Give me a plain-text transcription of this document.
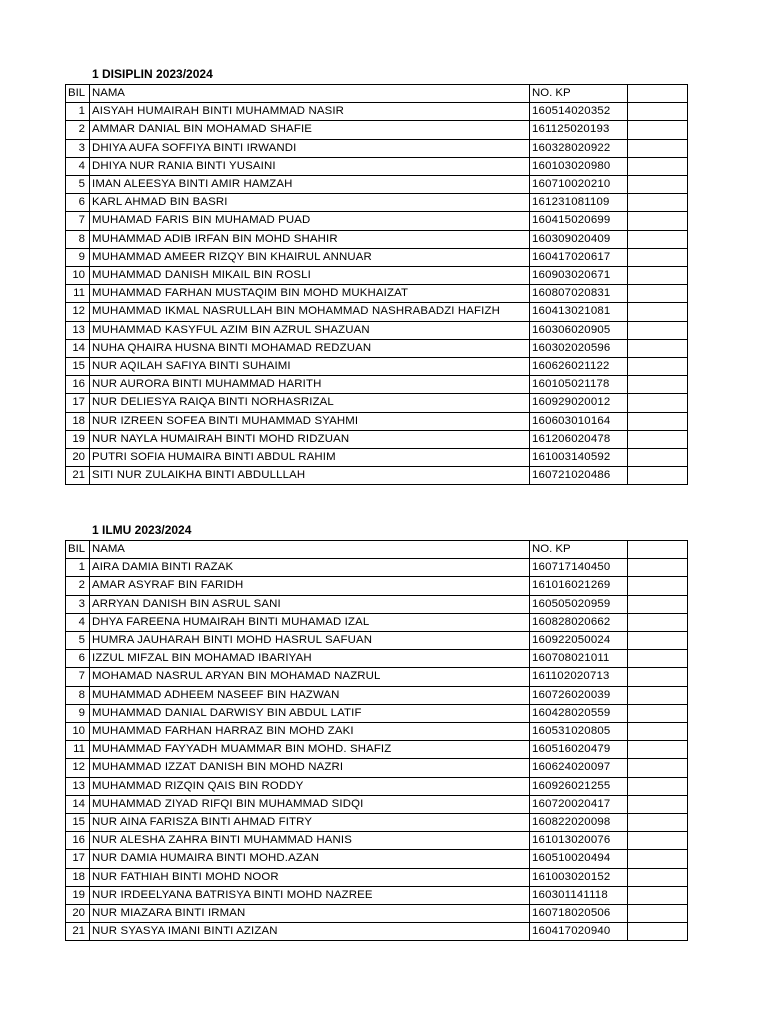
1 DISIPLIN 2023/2024
BIL	NAMA	NO. KP	
1	AISYAH HUMAIRAH BINTI MUHAMMAD NASIR	160514020352	
2	AMMAR DANIAL BIN MOHAMAD SHAFIE	161125020193	
3	DHIYA AUFA SOFFIYA BINTI IRWANDI	160328020922	
4	DHIYA NUR RANIA BINTI YUSAINI	160103020980	
5	IMAN ALEESYA BINTI AMIR HAMZAH	160710020210	
6	KARL AHMAD BIN BASRI	161231081109	
7	MUHAMAD FARIS BIN MUHAMAD PUAD	160415020699	
8	MUHAMMAD ADIB IRFAN BIN MOHD SHAHIR	160309020409	
9	MUHAMMAD AMEER RIZQY BIN KHAIRUL ANNUAR	160417020617	
10	MUHAMMAD DANISH MIKAIL BIN ROSLI	160903020671	
11	MUHAMMAD FARHAN MUSTAQIM BIN MOHD MUKHAIZAT	160807020831	
12	MUHAMMAD IKMAL NASRULLAH BIN MOHAMMAD NASHRABADZI HAFIZH	160413021081	
13	MUHAMMAD KASYFUL AZIM BIN AZRUL SHAZUAN	160306020905	
14	NUHA QHAIRA HUSNA BINTI MOHAMAD REDZUAN	160302020596	
15	NUR AQILAH SAFIYA BINTI SUHAIMI	160626021122	
16	NUR AURORA BINTI MUHAMMAD HARITH	160105021178	
17	NUR DELIESYA RAIQA BINTI NORHASRIZAL	160929020012	
18	NUR IZREEN SOFEA BINTI MUHAMMAD SYAHMI	160603010164	
19	NUR NAYLA HUMAIRAH BINTI MOHD RIDZUAN	161206020478	
20	PUTRI SOFIA HUMAIRA BINTI ABDUL RAHIM	161003140592	
21	SITI NUR ZULAIKHA BINTI ABDULLLAH	160721020486	
1 ILMU 2023/2024
BIL	NAMA	NO. KP	
1	AIRA DAMIA BINTI RAZAK	160717140450	
2	AMAR ASYRAF BIN FARIDH	161016021269	
3	ARRYAN DANISH BIN ASRUL SANI	160505020959	
4	DHYA FAREENA HUMAIRAH BINTI MUHAMAD IZAL	160828020662	
5	HUMRA JAUHARAH BINTI MOHD HASRUL SAFUAN	160922050024	
6	IZZUL MIFZAL BIN MOHAMAD IBARIYAH	160708021011	
7	MOHAMAD NASRUL ARYAN BIN MOHAMAD NAZRUL	161102020713	
8	MUHAMMAD ADHEEM NASEEF BIN HAZWAN	160726020039	
9	MUHAMMAD DANIAL DARWISY BIN ABDUL LATIF	160428020559	
10	MUHAMMAD FARHAN HARRAZ BIN MOHD ZAKI	160531020805	
11	MUHAMMAD FAYYADH MUAMMAR BIN MOHD. SHAFIZ	160516020479	
12	MUHAMMAD IZZAT DANISH BIN MOHD NAZRI	160624020097	
13	MUHAMMAD RIZQIN QAIS BIN RODDY	160926021255	
14	MUHAMMAD ZIYAD RIFQI BIN MUHAMMAD SIDQI	160720020417	
15	NUR AINA FARISZA BINTI AHMAD FITRY	160822020098	
16	NUR ALESHA ZAHRA BINTI MUHAMMAD HANIS	161013020076	
17	NUR DAMIA HUMAIRA BINTI MOHD.AZAN	160510020494	
18	NUR FATHIAH BINTI MOHD NOOR	161003020152	
19	NUR IRDEELYANA BATRISYA BINTI MOHD NAZREE	160301141118	
20	NUR MIAZARA BINTI IRMAN	160718020506	
21	NUR SYASYA IMANI BINTI AZIZAN	160417020940	
